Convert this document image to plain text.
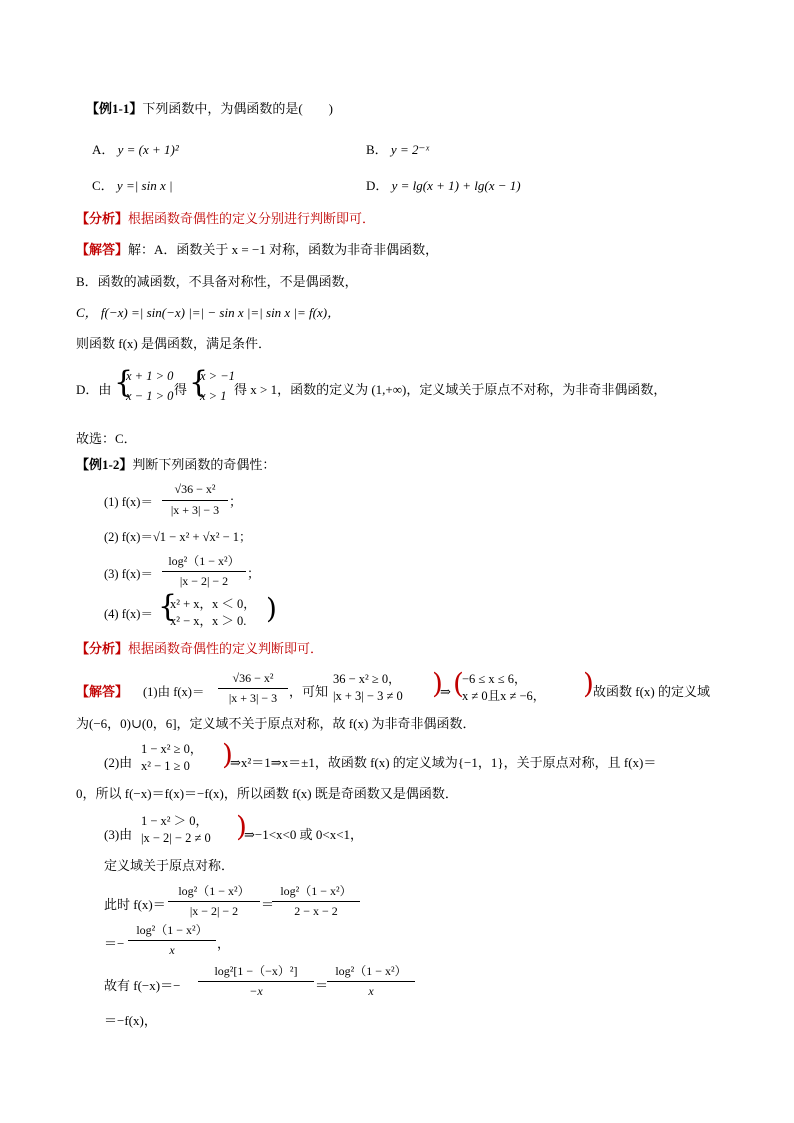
【例1-1】下列函数中，为偶函数的是(　　)
A． y = (x + 1)²	B． y = 2⁻ˣ
C． y =| sin x |	D． y = lg(x + 1) + lg(x − 1)
【分析】根据函数奇偶性的定义分别进行判断即可．
【解答】解：A．函数关于 x = −1 对称，函数为非奇非偶函数，
B．函数的减函数，不具备对称性，不是偶函数，
C， f(−x) =| sin(−x) |=| − sin x |=| sin x |= f(x)，
则函数 f(x) 是偶函数，满足条件．
D．由 {
x + 1 > 0
x − 1 > 0 得 {
x > −1
x > 1 得 x > 1，函数的定义为 (1,+∞)，定义域关于原点不对称，为非奇非偶函数，
故选：C．
【例1-2】判断下列函数的奇偶性：
(1) f(x)＝
√36 − x²
|x + 3| − 3
；
(2) f(x)＝√1 − x² + √x² − 1；
(3) f(x)＝
log²（1 − x²）
|x − 2| − 2	；
(4) f(x)＝ {
x² + x，x ＜ 0，
x² − x，x ＞ 0. )
【分析】根据函数奇偶性的定义判断即可．
【解答】 (1)由 f(x)＝
√36 − x²
|x + 3| − 3 ，可知
36 − x² ≥ 0，
|x + 3| − 3 ≠ 0 )
⇒ (
−6 ≤ x ≤ 6，
x ≠ 0且x ≠ −6， ) 故函数 f(x) 的定义域
为(−6，0)∪(0，6]，定义域不关于原点对称，故 f(x) 为非奇非偶函数．
(2)由
1 − x² ≥ 0，
x² − 1 ≥ 0 )
⇒x²＝1⇒x＝±1，故函数 f(x) 的定义域为{−1，1}，关于原点对称，且 f(x)＝
0，所以 f(−x)＝f(x)＝−f(x)，所以函数 f(x) 既是奇函数又是偶函数．
(3)由
1 − x² ＞ 0，
|x − 2| − 2 ≠ 0 )
⇒−1<x<0 或 0<x<1，
定义域关于原点对称．
此时 f(x)＝
log²（1 − x²）
|x − 2| − 2	＝
log²（1 − x²）
2 − x − 2
＝−
log²（1 − x²）
x	，
故有 f(−x)＝−
log²[1 −（−x）²]
−x	＝
log²（1 − x²）
x
＝−f(x)，
